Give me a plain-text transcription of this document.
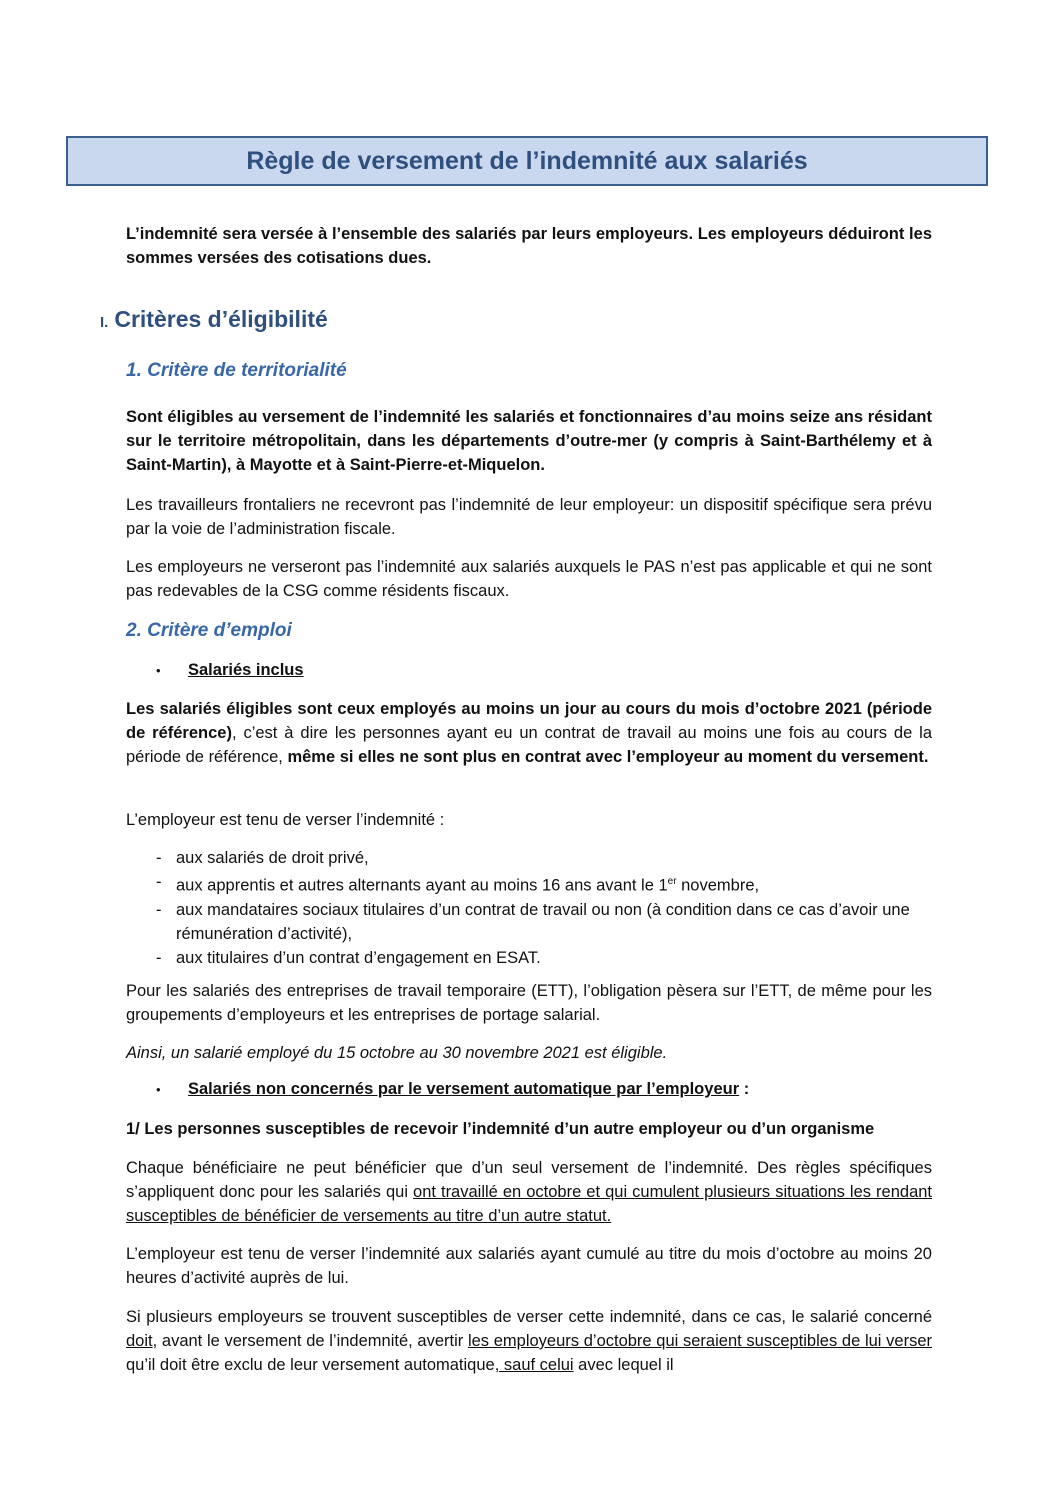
Règle de versement de l’indemnité aux salariés
L’indemnité sera versée à l’ensemble des salariés par leurs employeurs. Les employeurs déduiront les sommes versées des cotisations dues.
I. Critères d’éligibilité
1. Critère de territorialité
Sont éligibles au versement de l’indemnité les salariés et fonctionnaires d’au moins seize ans résidant sur le territoire métropolitain, dans les départements d’outre-mer (y compris à Saint-Barthélemy et à Saint-Martin), à Mayotte et à Saint-Pierre-et-Miquelon.
Les travailleurs frontaliers ne recevront pas l’indemnité de leur employeur: un dispositif spécifique sera prévu par la voie de l’administration fiscale.
Les employeurs ne verseront pas l’indemnité aux salariés auxquels le PAS n’est pas applicable et qui ne sont pas redevables de la CSG comme résidents fiscaux.
2. Critère d’emploi
• Salariés inclus
Les salariés éligibles sont ceux employés au moins un jour au cours du mois d’octobre 2021 (période de référence), c’est à dire les personnes ayant eu un contrat de travail au moins une fois au cours de la période de référence, même si elles ne sont plus en contrat avec l’employeur au moment du versement.
L’employeur est tenu de verser l’indemnité :
- aux salariés de droit privé,
- aux apprentis et autres alternants ayant au moins 16 ans avant le 1er novembre,
- aux mandataires sociaux titulaires d’un contrat de travail ou non (à condition dans ce cas d’avoir une rémunération d’activité),
- aux titulaires d’un contrat d’engagement en ESAT.
Pour les salariés des entreprises de travail temporaire (ETT), l’obligation pèsera sur l’ETT, de même pour les groupements d’employeurs et les entreprises de portage salarial.
Ainsi, un salarié employé du 15 octobre au 30 novembre 2021 est éligible.
• Salariés non concernés par le versement automatique par l’employeur :
1/ Les personnes susceptibles de recevoir l’indemnité d’un autre employeur ou d’un organisme
Chaque bénéficiaire ne peut bénéficier que d’un seul versement de l’indemnité. Des règles spécifiques s’appliquent donc pour les salariés qui ont travaillé en octobre et qui cumulent plusieurs situations les rendant susceptibles de bénéficier de versements au titre d’un autre statut.
L’employeur est tenu de verser l’indemnité aux salariés ayant cumulé au titre du mois d’octobre au moins 20 heures d’activité auprès de lui.
Si plusieurs employeurs se trouvent susceptibles de verser cette indemnité, dans ce cas, le salarié concerné doit, avant le versement de l’indemnité, avertir les employeurs d’octobre qui seraient susceptibles de lui verser qu’il doit être exclu de leur versement automatique, sauf celui avec lequel il
